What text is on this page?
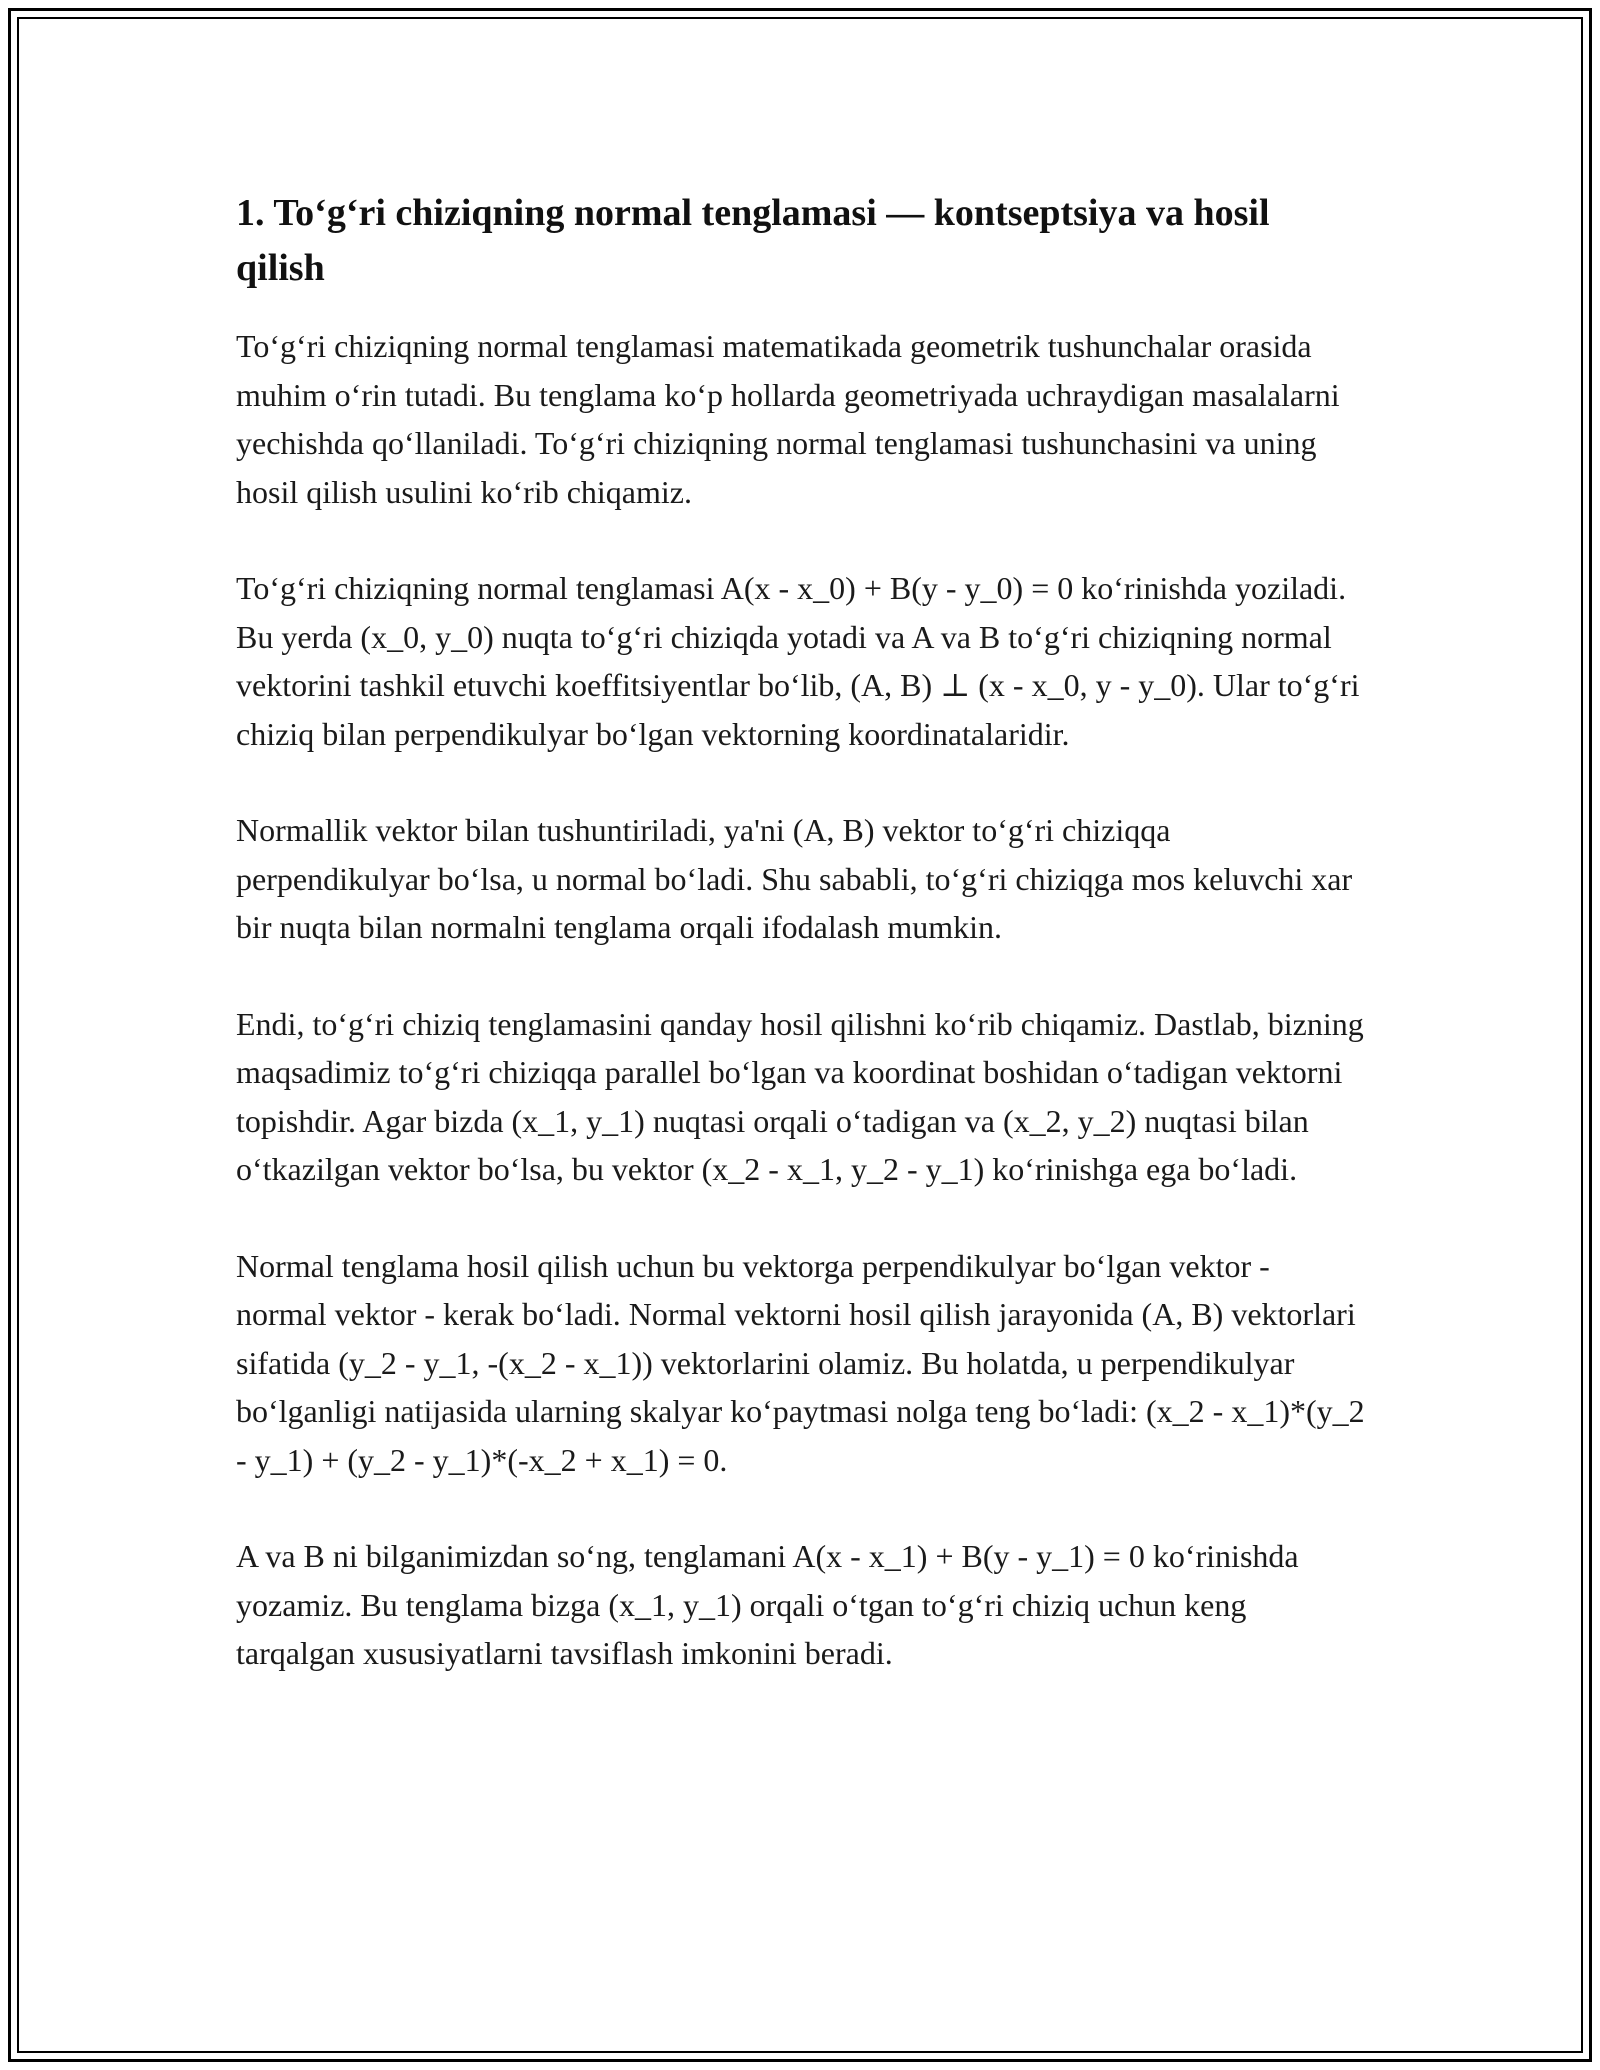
1. To‘g‘ri chiziqning normal tenglamasi — kontseptsiya va hosil qilish

To‘g‘ri chiziqning normal tenglamasi matematikada geometrik tushunchalar orasida muhim o‘rin tutadi. Bu tenglama ko‘p hollarda geometriyada uchraydigan masalalarni yechishda qo‘llaniladi. To‘g‘ri chiziqning normal tenglamasi tushunchasini va uning hosil qilish usulini ko‘rib chiqamiz.

To‘g‘ri chiziqning normal tenglamasi A(x - x_0) + B(y - y_0) = 0 ko‘rinishda yoziladi. Bu yerda (x_0, y_0) nuqta to‘g‘ri chiziqda yotadi va A va B to‘g‘ri chiziqning normal vektorini tashkil etuvchi koeffitsiyentlar bo‘lib, (A, B) ⊥ (x - x_0, y - y_0). Ular to‘g‘ri chiziq bilan perpendikulyar bo‘lgan vektorning koordinatalaridir.

Normallik vektor bilan tushuntiriladi, ya'ni (A, B) vektor to‘g‘ri chiziqqa perpendikulyar bo‘lsa, u normal bo‘ladi. Shu sababli, to‘g‘ri chiziqga mos keluvchi xar bir nuqta bilan normalni tenglama orqali ifodalash mumkin.

Endi, to‘g‘ri chiziq tenglamasini qanday hosil qilishni ko‘rib chiqamiz. Dastlab, bizning maqsadimiz to‘g‘ri chiziqqa parallel bo‘lgan va koordinat boshidan o‘tadigan vektorni topishdir. Agar bizda (x_1, y_1) nuqtasi orqali o‘tadigan va (x_2, y_2) nuqtasi bilan o‘tkazilgan vektor bo‘lsa, bu vektor (x_2 - x_1, y_2 - y_1) ko‘rinishga ega bo‘ladi.

Normal tenglama hosil qilish uchun bu vektorga perpendikulyar bo‘lgan vektor - normal vektor - kerak bo‘ladi. Normal vektorni hosil qilish jarayonida (A, B) vektorlari sifatida (y_2 - y_1, -(x_2 - x_1)) vektorlarini olamiz. Bu holatda, u perpendikulyar bo‘lganligi natijasida ularning skalyar ko‘paytmasi nolga teng bo‘ladi: (x_2 - x_1)*(y_2 - y_1) + (y_2 - y_1)*(-x_2 + x_1) = 0.

A va B ni bilganimizdan so‘ng, tenglamani A(x - x_1) + B(y - y_1) = 0 ko‘rinishda yozamiz. Bu tenglama bizga (x_1, y_1) orqali o‘tgan to‘g‘ri chiziq uchun keng tarqalgan xususiyatlarni tavsiflash imkonini beradi.
